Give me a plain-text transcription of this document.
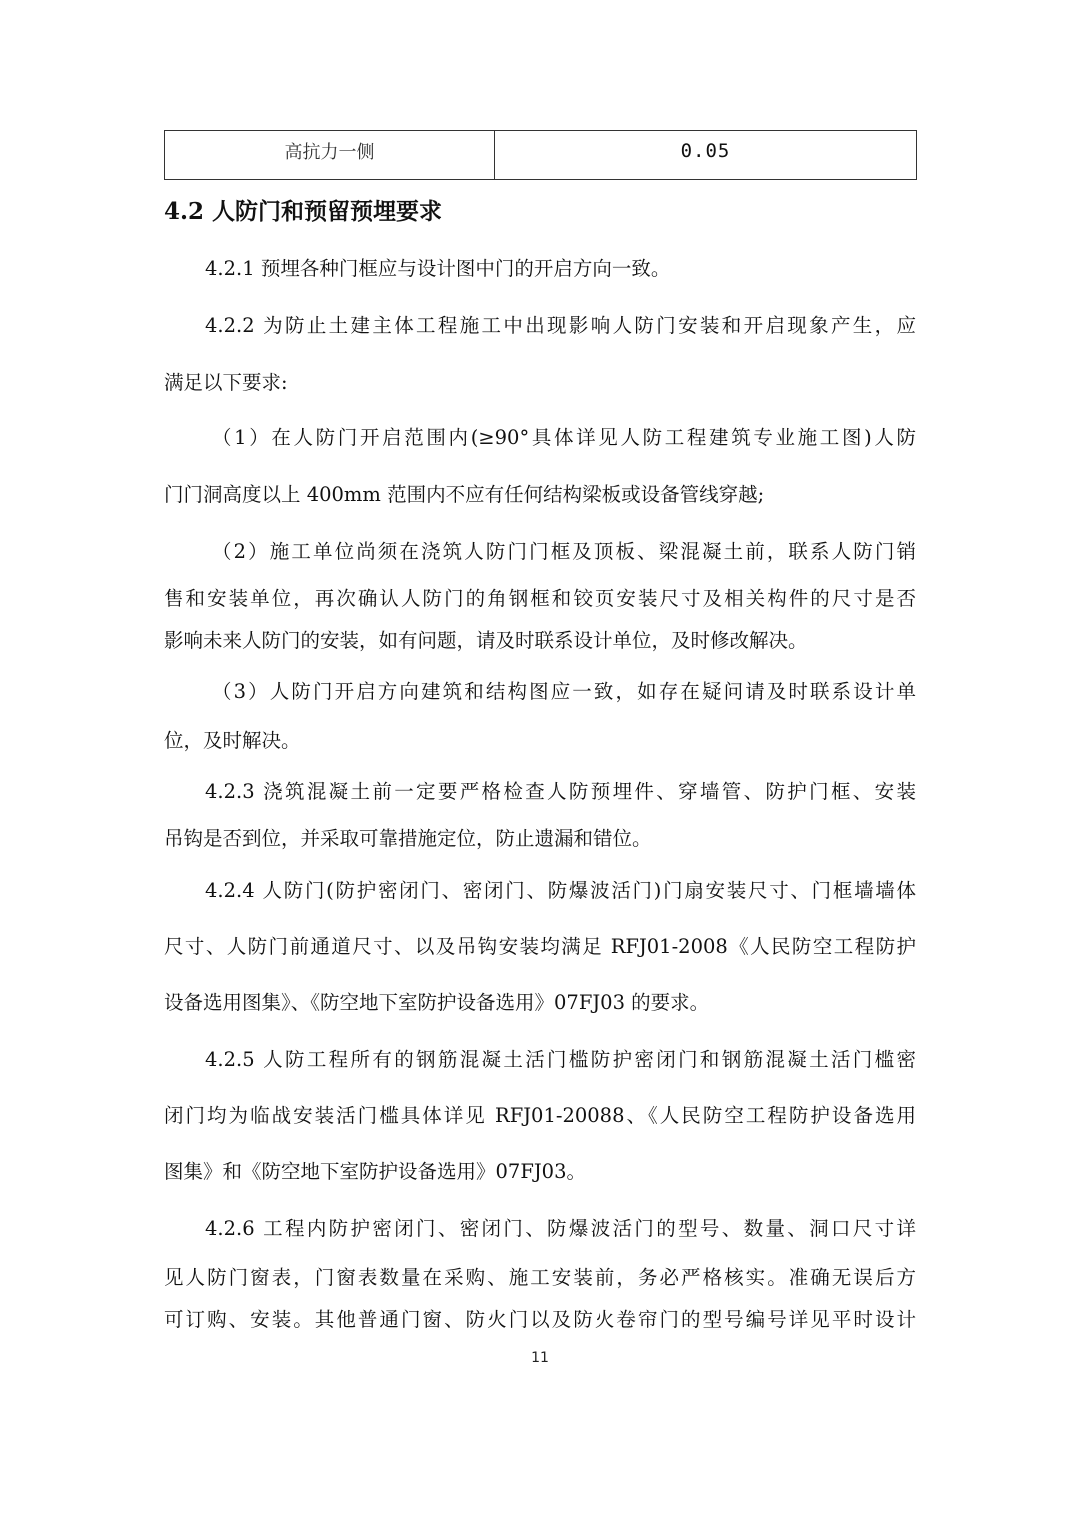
高抗力一侧	0.05
4.2 人防门和预留预埋要求
4.2.1 预埋各种门框应与设计图中门的开启方向一致。
4.2.2 为防止土建主体工程施工中出现影响人防门安装和开启现象产生，应
满足以下要求:
（1）在人防门开启范围内(≥90°具体详见人防工程建筑专业施工图)人防
门门洞高度以上 400mm 范围内不应有任何结构梁板或设备管线穿越;
（2）施工单位尚须在浇筑人防门门框及顶板、梁混凝土前，联系人防门销
售和安装单位，再次确认人防门的角钢框和铰页安装尺寸及相关构件的尺寸是否
影响未来人防门的安装，如有问题，请及时联系设计单位，及时修改解决。
（3）人防门开启方向建筑和结构图应一致，如存在疑问请及时联系设计单
位，及时解决。
4.2.3 浇筑混凝土前一定要严格检查人防预埋件、穿墙管、防护门框、安装
吊钩是否到位，并采取可靠措施定位，防止遗漏和错位。
4.2.4 人防门(防护密闭门、密闭门、防爆波活门)门扇安装尺寸、门框墙墙体
尺寸、人防门前通道尺寸、以及吊钩安装均满足 RFJ01-2008《人民防空工程防护
设备选用图集》、《防空地下室防护设备选用》07FJ03 的要求。
4.2.5 人防工程所有的钢筋混凝土活门槛防护密闭门和钢筋混凝土活门槛密
闭门均为临战安装活门槛具体详见 RFJ01-20088、《人民防空工程防护设备选用
图集》和《防空地下室防护设备选用》07FJ03。
4.2.6 工程内防护密闭门、密闭门、防爆波活门的型号、数量、洞口尺寸详
见人防门窗表，门窗表数量在采购、施工安装前，务必严格核实。准确无误后方
可订购、安装。其他普通门窗、防火门以及防火卷帘门的型号编号详见平时设计
11
